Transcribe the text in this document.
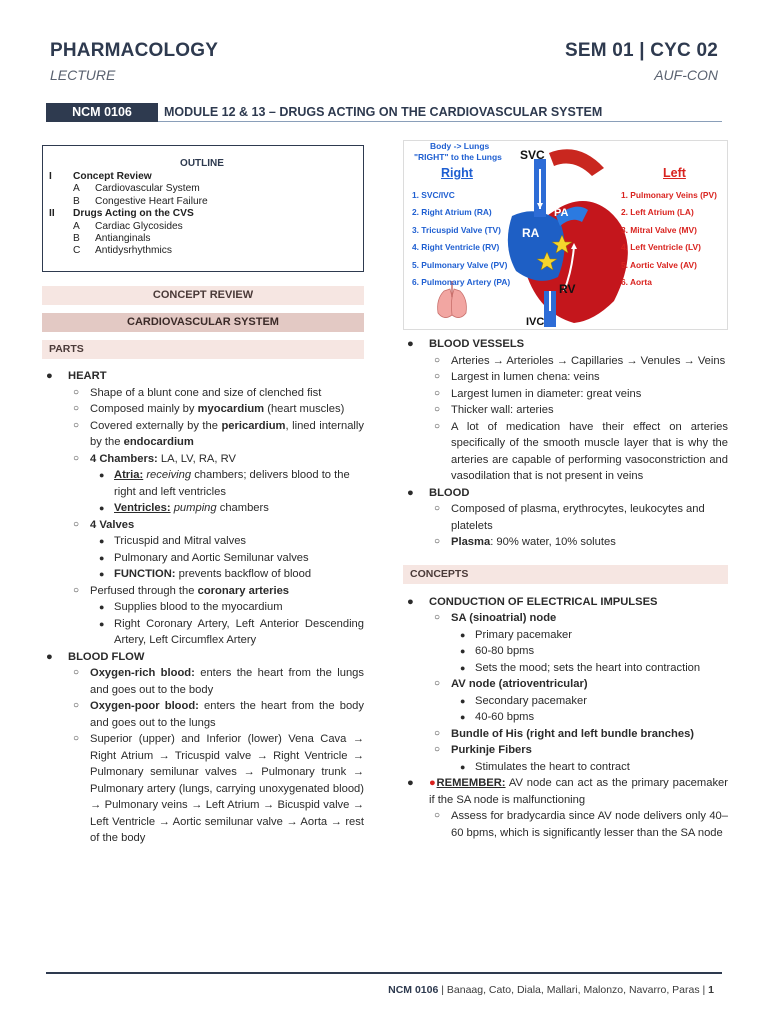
PHARMACOLOGY
LECTURE
SEM 01 | CYC 02
AUF-CON
NCM 0106	MODULE 12 & 13 – DRUGS ACTING ON THE CARDIOVASCULAR SYSTEM
OUTLINE
I	Concept Review
A	Cardiovascular System
B	Congestive Heart Failure
II	Drugs Acting on the CVS
A	Cardiac Glycosides
B	Antianginals
C	Antidysrhythmics
CONCEPT REVIEW
CARDIOVASCULAR SYSTEM
PARTS
● HEART
○ Shape of a blunt cone and size of clenched fist
○ Composed mainly by myocardium (heart muscles)
○ Covered externally by the pericardium, lined internally by the endocardium
○ 4 Chambers: LA, LV, RA, RV
● Atria: receiving chambers; delivers blood to the right and left ventricles
● Ventricles: pumping chambers
○ 4 Valves
● Tricuspid and Mitral valves
● Pulmonary and Aortic Semilunar valves
● FUNCTION: prevents backflow of blood
○ Perfused through the coronary arteries
● Supplies blood to the myocardium
● Right Coronary Artery, Left Anterior Descending Artery, Left Circumflex Artery
● BLOOD FLOW
○ Oxygen-rich blood: enters the heart from the lungs and goes out to the body
○ Oxygen-poor blood: enters the heart from the body and goes out to the lungs
○ Superior (upper) and Inferior (lower) Vena Cava → Right Atrium → Tricuspid valve → Right Ventricle → Pulmonary semilunar valves → Pulmonary trunk → Pulmonary artery (lungs, carrying unoxygenated blood) → Pulmonary veins → Left Atrium → Bicuspid valve → Left Ventricle → Aortic semilunar valve → Aorta → rest of the body
Body -> Lungs
"RIGHT" to the Lungs SVC
PA
RA
RV
IVC
Right	Left
1. SVC/IVC
2. Right Atrium (RA)
3. Tricuspid Valve (TV)
4. Right Ventricle (RV)
5. Pulmonary Valve (PV)
6. Pulmonary Artery (PA)
1. Pulmonary Veins (PV)
2. Left Atrium (LA)
3. Mitral Valve (MV)
4. Left Ventricle (LV)
5. Aortic Valve (AV)
6. Aorta
● BLOOD VESSELS
○ Arteries → Arterioles → Capillaries → Venules → Veins
○ Largest in lumen chena: veins
○ Largest lumen in diameter: great veins
○ Thicker wall: arteries
○ A lot of medication have their effect on arteries specifically of the smooth muscle layer that is why the arteries are capable of performing vasoconstriction and vasodilation that is not present in veins
● BLOOD
○ Composed of plasma, erythrocytes, leukocytes and platelets
○ Plasma: 90% water, 10% solutes
CONCEPTS
● CONDUCTION OF ELECTRICAL IMPULSES
○ SA (sinoatrial) node
● Primary pacemaker
● 60-80 bpms
● Sets the mood; sets the heart into contraction
○ AV node (atrioventricular)
● Secondary pacemaker
● 40-60 bpms
○ Bundle of His (right and left bundle branches)
○ Purkinje Fibers
● Stimulates the heart to contract
● ●REMEMBER: AV node can act as the primary pacemaker if the SA node is malfunctioning
○ Assess for bradycardia since AV node delivers only 40–60 bpms, which is significantly lesser than the SA node
NCM 0106 | Banaag, Cato, Diala, Mallari, Malonzo, Navarro, Paras | 1
